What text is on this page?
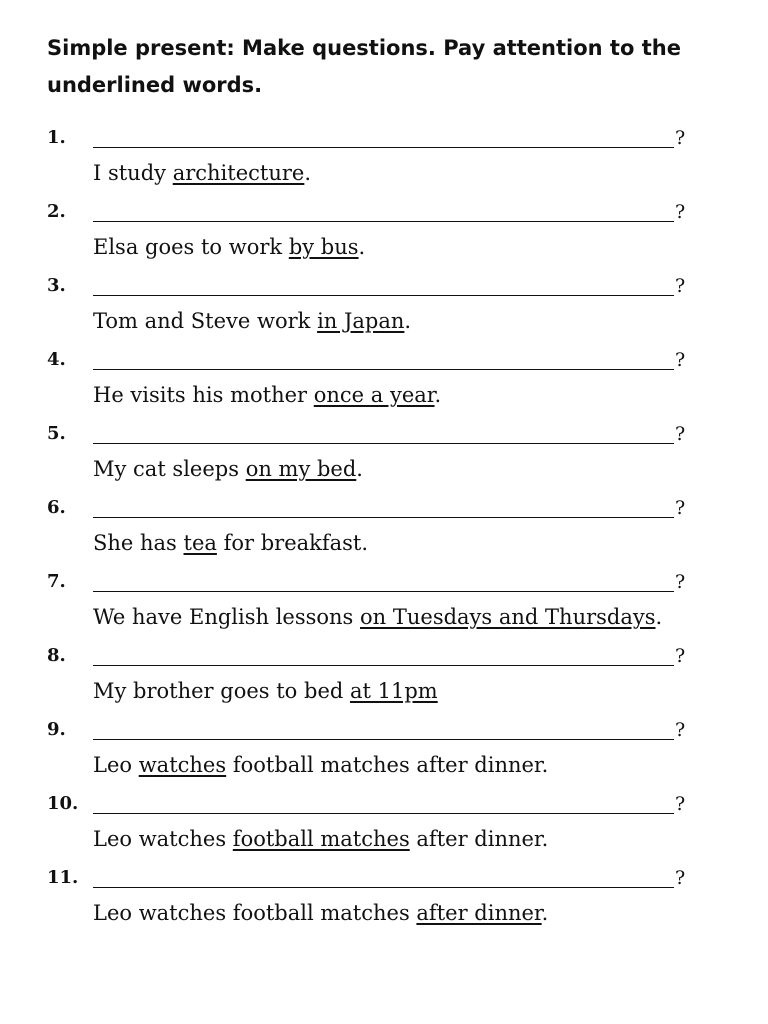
Simple present: Make questions. Pay attention to the underlined words.
1.	?
I study architecture.
2.	?
Elsa goes to work by bus.
3.	?
Tom and Steve work in Japan.
4.	?
He visits his mother once a year.
5.	?
My cat sleeps on my bed.
6.	?
She has tea for breakfast.
7.	?
We have English lessons on Tuesdays and Thursdays.
8.	?
My brother goes to bed at 11pm
9.	?
Leo watches football matches after dinner.
10.	?
Leo watches football matches after dinner.
11.	?
Leo watches football matches after dinner.
